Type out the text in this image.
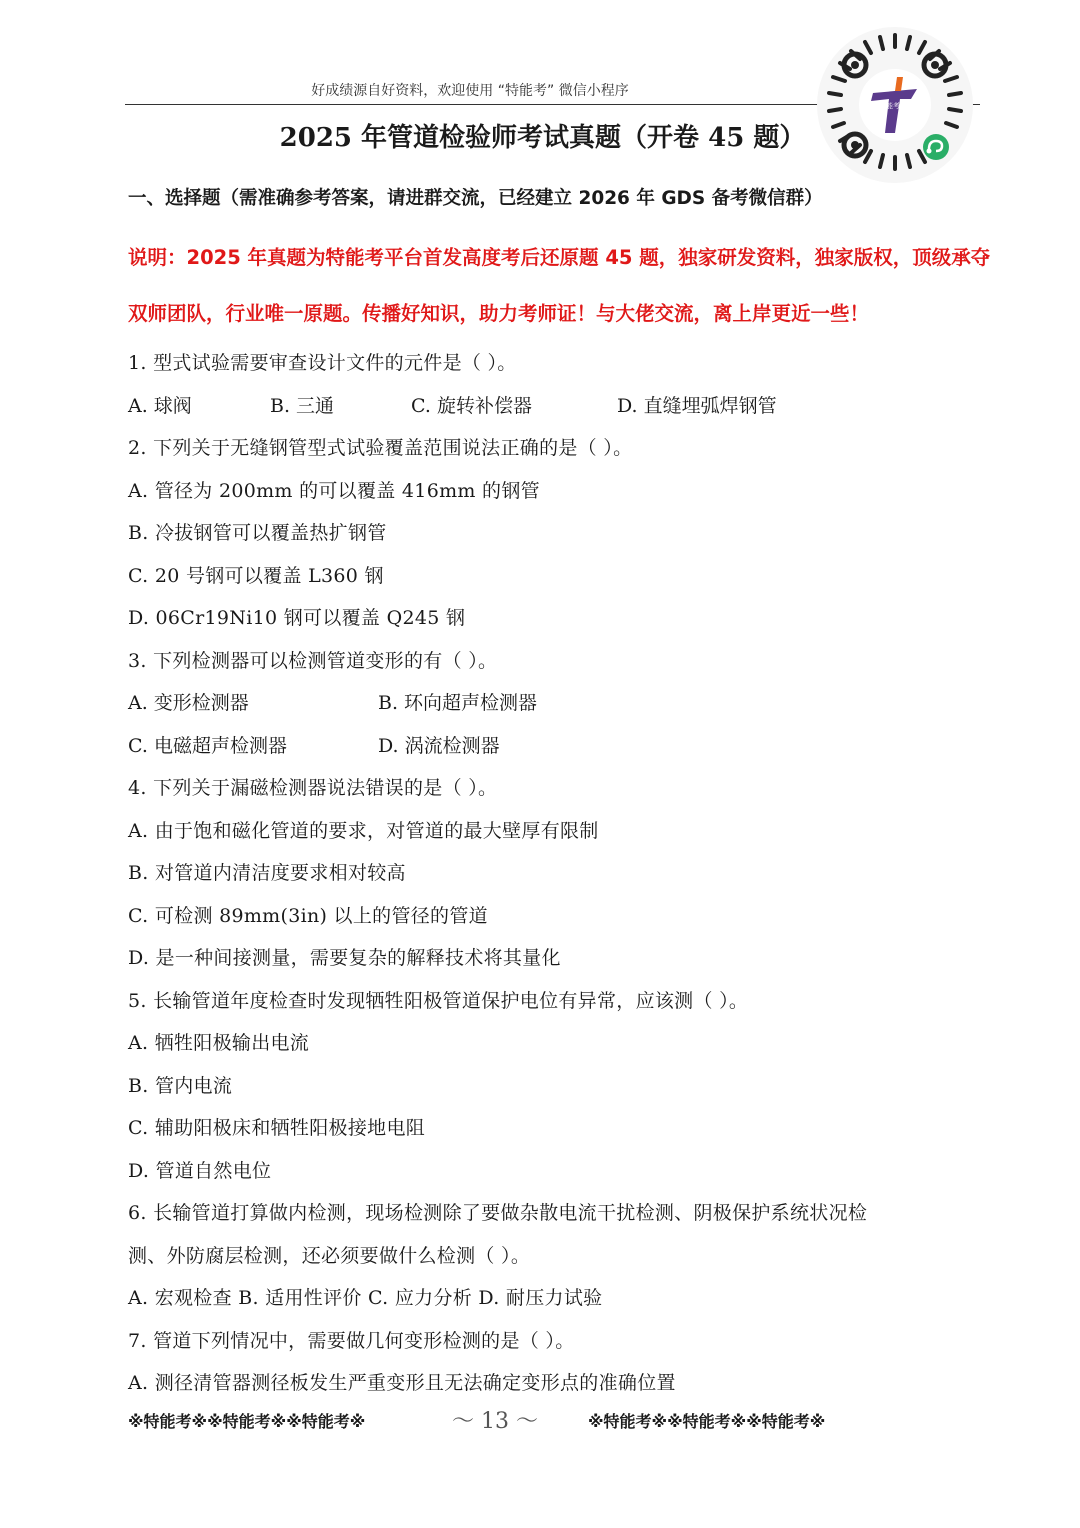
好成绩源自好资料，欢迎使用 “特能考” 微信小程序
特能考
2025 年管道检验师考试真题（开卷 45 题）
一、选择题（需准确参考答案，请进群交流，已经建立 2026 年 GDS 备考微信群）
说明：2025 年真题为特能考平台首发高度考后还原题 45 题，独家研发资料，独家版权，顶级承夺
双师团队，行业唯一原题。传播好知识，助力考师证！与大佬交流，离上岸更近一些！
1. 型式试验需要审查设计文件的元件是（ ）。
A. 球阀	B. 三通	C. 旋转补偿器	D. 直缝埋弧焊钢管
2. 下列关于无缝钢管型式试验覆盖范围说法正确的是（ ）。
A. 管径为 200mm 的可以覆盖 416mm 的钢管
B. 冷拔钢管可以覆盖热扩钢管
C. 20 号钢可以覆盖 L360 钢
D. 06Cr19Ni10 钢可以覆盖 Q245 钢
3. 下列检测器可以检测管道变形的有（ ）。
A. 变形检测器	B. 环向超声检测器
C. 电磁超声检测器	D. 涡流检测器
4. 下列关于漏磁检测器说法错误的是（ ）。
A. 由于饱和磁化管道的要求，对管道的最大壁厚有限制
B. 对管道内清洁度要求相对较高
C. 可检测 89mm(3in) 以上的管径的管道
D. 是一种间接测量，需要复杂的解释技术将其量化
5. 长输管道年度检查时发现牺牲阳极管道保护电位有异常，应该测（ ）。
A. 牺牲阳极输出电流
B. 管内电流
C. 辅助阳极床和牺牲阳极接地电阻
D. 管道自然电位
6. 长输管道打算做内检测，现场检测除了要做杂散电流干扰检测、阴极保护系统状况检
测、外防腐层检测，还必须要做什么检测（ ）。
A. 宏观检查 B. 适用性评价 C. 应力分析 D. 耐压力试验
7. 管道下列情况中，需要做几何变形检测的是（ ）。
A. 测径清管器测径板发生严重变形且无法确定变形点的准确位置
※特能考※※特能考※※特能考※	～ 13 ～	※特能考※※特能考※※特能考※
